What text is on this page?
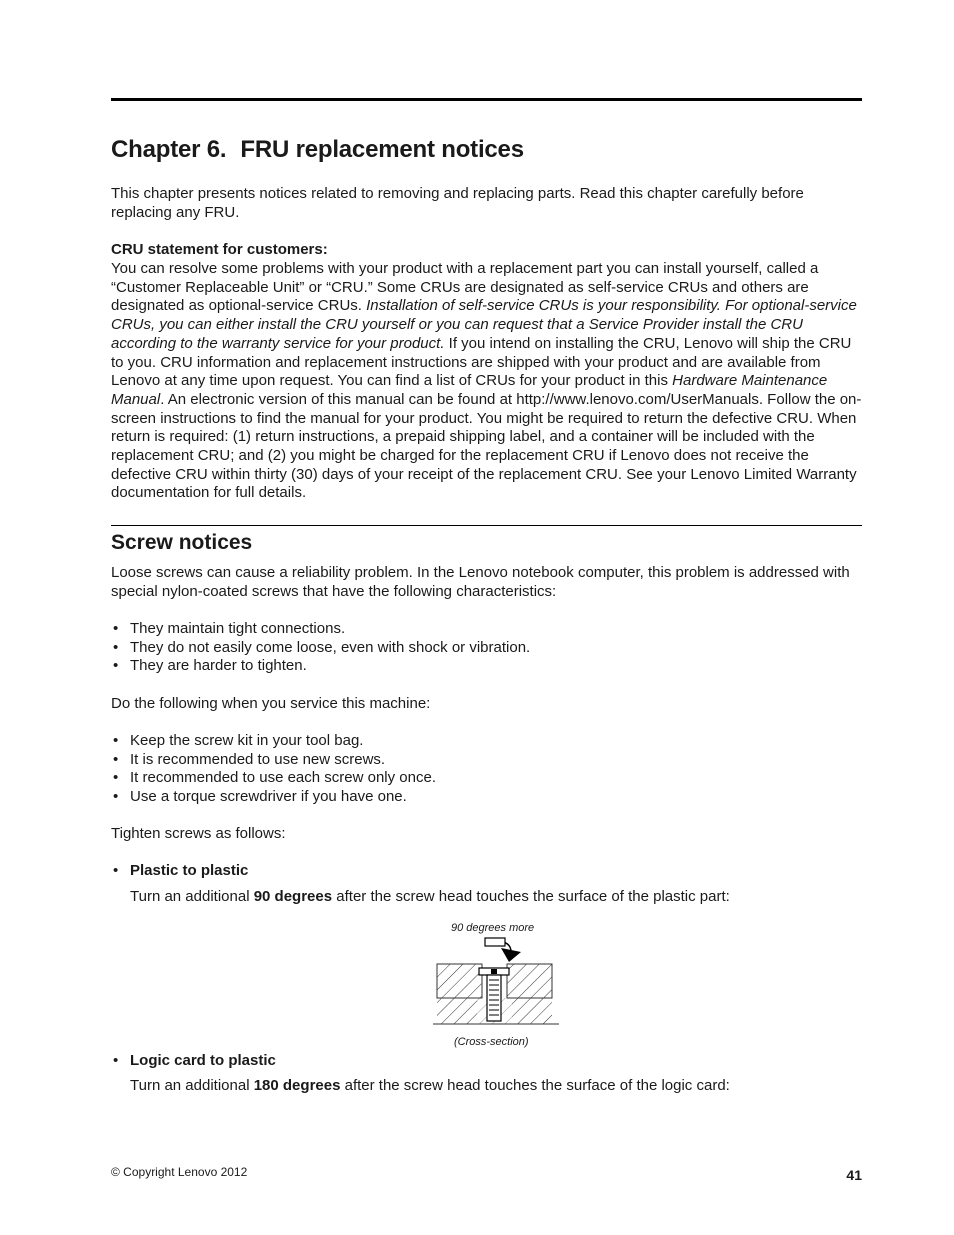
Chapter 6. FRU replacement notices

This chapter presents notices related to removing and replacing parts. Read this chapter carefully before replacing any FRU.

CRU statement for customers:

You can resolve some problems with your product with a replacement part you can install yourself, called a “Customer Replaceable Unit” or “CRU.” Some CRUs are designated as self-service CRUs and others are designated as optional-service CRUs. Installation of self-service CRUs is your responsibility. For optional-service CRUs, you can either install the CRU yourself or you can request that a Service Provider install the CRU according to the warranty service for your product. If you intend on installing the CRU, Lenovo will ship the CRU to you. CRU information and replacement instructions are shipped with your product and are available from Lenovo at any time upon request. You can find a list of CRUs for your product in this Hardware Maintenance Manual. An electronic version of this manual can be found at http://www.lenovo.com/UserManuals. Follow the on-screen instructions to find the manual for your product. You might be required to return the defective CRU. When return is required: (1) return instructions, a prepaid shipping label, and a container will be included with the replacement CRU; and (2) you might be charged for the replacement CRU if Lenovo does not receive the defective CRU within thirty (30) days of your receipt of the replacement CRU. See your Lenovo Limited Warranty documentation for full details.

Screw notices

Loose screws can cause a reliability problem. In the Lenovo notebook computer, this problem is addressed with special nylon-coated screws that have the following characteristics:

• They maintain tight connections.
• They do not easily come loose, even with shock or vibration.
• They are harder to tighten.

Do the following when you service this machine:

• Keep the screw kit in your tool bag.
• It is recommended to use new screws.
• It recommended to use each screw only once.
• Use a torque screwdriver if you have one.

Tighten screws as follows:

• Plastic to plastic

Turn an additional 90 degrees after the screw head touches the surface of the plastic part:

90 degrees more
(Cross-section)

• Logic card to plastic

Turn an additional 180 degrees after the screw head touches the surface of the logic card:

© Copyright Lenovo 2012	41
